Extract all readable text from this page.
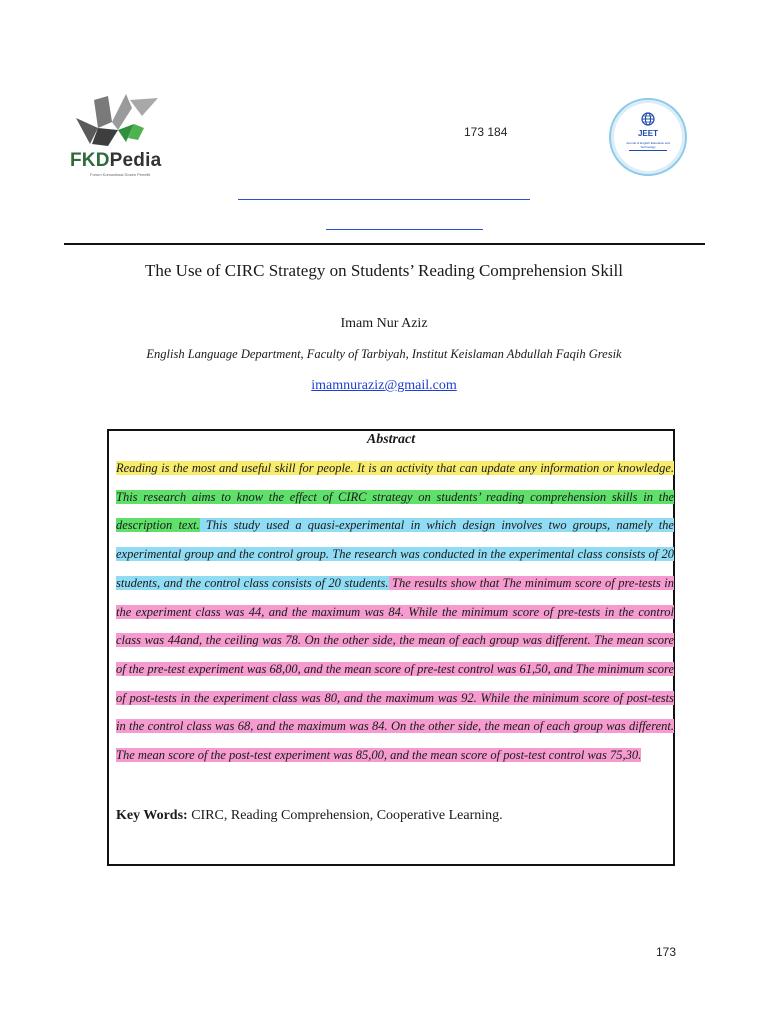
FKDPedia
Forum Komunikasi Dosen Peneliti
173 184	JEET
Journal of English Education and Technology
The Use of CIRC Strategy on Students’ Reading Comprehension Skill
Imam Nur Aziz
English Language Department, Faculty of Tarbiyah, Institut Keislaman Abdullah Faqih Gresik
imamnuraziz@gmail.com
Abstract
Reading is the most and useful skill for people. It is an activity that can update any information or knowledge. This research aims to know the effect of CIRC strategy on students’ reading comprehension skills in the description text. This study used a quasi-experimental in which design involves two groups, namely the experimental group and the control group. The research was conducted in the experimental class consists of 20 students, and the control class consists of 20 students. The results show that The minimum score of pre-tests in the experiment class was 44, and the maximum was 84. While the minimum score of pre-tests in the control class was 44and, the ceiling was 78. On the other side, the mean of each group was different. The mean score of the pre-test experiment was 68,00, and the mean score of pre-test control was 61,50, and The minimum score of post-tests in the experiment class was 80, and the maximum was 92. While the minimum score of post-tests in the control class was 68, and the maximum was 84. On the other side, the mean of each group was different. The mean score of the post-test experiment was 85,00, and the mean score of post-test control was 75,30.
Key Words: CIRC, Reading Comprehension, Cooperative Learning.
173
